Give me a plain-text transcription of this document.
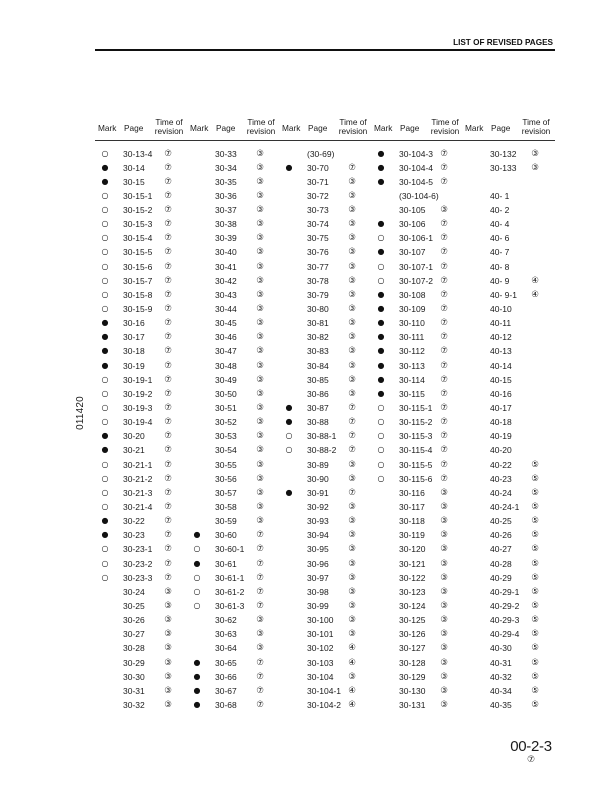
LIST OF REVISED PAGES
Mark Page
Time of
revision
○ 30-13-4	⑦
● 30-14	⑦
● 30-15	⑦
○ 30-15-1	⑦
○ 30-15-2	⑦
○ 30-15-3	⑦
○ 30-15-4	⑦
○ 30-15-5	⑦
○ 30-15-6	⑦
○ 30-15-7	⑦
○ 30-15-8	⑦
○ 30-15-9	⑦
● 30-16	⑦
● 30-17	⑦
● 30-18	⑦
● 30-19	⑦
○ 30-19-1	⑦
○ 30-19-2	⑦
○ 30-19-3	⑦
○ 30-19-4	⑦
● 30-20	⑦
● 30-21	⑦
○ 30-21-1	⑦
○ 30-21-2	⑦
○ 30-21-3	⑦
○ 30-21-4	⑦
● 30-22	⑦
● 30-23	⑦
○ 30-23-1	⑦
○ 30-23-2	⑦
○ 30-23-3	⑦
30-24	③
30-25	③
30-26	③
30-27	③
30-28	③
30-29	③
30-30	③
30-31	③
30-32	③
Mark Page
Time of
revision
30-33	③
30-34	③
30-35	③
30-36	③
30-37	③
30-38	③
30-39	③
30-40	③
30-41	③
30-42	③
30-43	③
30-44	③
30-45	③
30-46	③
30-47	③
30-48	③
30-49	③
30-50	③
30-51	③
30-52	③
30-53	③
30-54	③
30-55	③
30-56	③
30-57	③
30-58	③
30-59	③
● 30-60	⑦
○ 30-60-1	⑦
● 30-61	⑦
○ 30-61-1	⑦
○ 30-61-2	⑦
○ 30-61-3	⑦
30-62	③
30-63	③
30-64	③
● 30-65	⑦
● 30-66	⑦
● 30-67	⑦
● 30-68	⑦
Mark Page
Time of
revision
(30-69)
● 30-70	⑦
30-71	③
30-72	③
30-73	③
30-74	③
30-75	③
30-76	③
30-77	③
30-78	③
30-79	③
30-80	③
30-81	③
30-82	③
30-83	③
30-84	③
30-85	③
30-86	③
● 30-87	⑦
● 30-88	⑦
○ 30-88-1	⑦
○ 30-88-2	⑦
30-89	③
30-90	③
● 30-91	⑦
30-92	③
30-93	③
30-94	③
30-95	③
30-96	③
30-97	③
30-98	③
30-99	③
30-100	③
30-101	③
30-102	④
30-103	④
30-104	③
30-104-1 ④
30-104-2 ④
Mark Page
Time of
revision
● 30-104-3 ⑦
● 30-104-4 ⑦
● 30-104-5 ⑦
(30-104-6)
30-105	③
● 30-106	⑦
○ 30-106-1 ⑦
● 30-107	⑦
○ 30-107-1 ⑦
○ 30-107-2 ⑦
● 30-108	⑦
● 30-109	⑦
● 30-110	⑦
● 30-111	⑦
● 30-112	⑦
● 30-113	⑦
● 30-114	⑦
● 30-115	⑦
○ 30-115-1 ⑦
○ 30-115-2 ⑦
○ 30-115-3 ⑦
○ 30-115-4 ⑦
○ 30-115-5 ⑦
○ 30-115-6 ⑦
30-116	③
30-117	③
30-118	③
30-119	③
30-120	③
30-121	③
30-122	③
30-123	③
30-124	③
30-125	③
30-126	③
30-127	③
30-128	③
30-129	③
30-130	③
30-131	③
Mark Page
Time of
revision
30-132	③
30-133	③
40- 1
40- 2
40- 4
40- 6
40- 7
40- 8
40- 9	④
40- 9-1	④
40-10
40-11
40-12
40-13
40-14
40-15
40-16
40-17
40-18
40-19
40-20
40-22	⑤
40-23	⑤
40-24	⑤
40-24-1	⑤
40-25	⑤
40-26	⑤
40-27	⑤
40-28	⑤
40-29	⑤
40-29-1	⑤
40-29-2	⑤
40-29-3	⑤
40-29-4	⑤
40-30	⑤
40-31	⑤
40-32	⑤
40-34	⑤
40-35	⑤
011420
00-2-3
⑦
